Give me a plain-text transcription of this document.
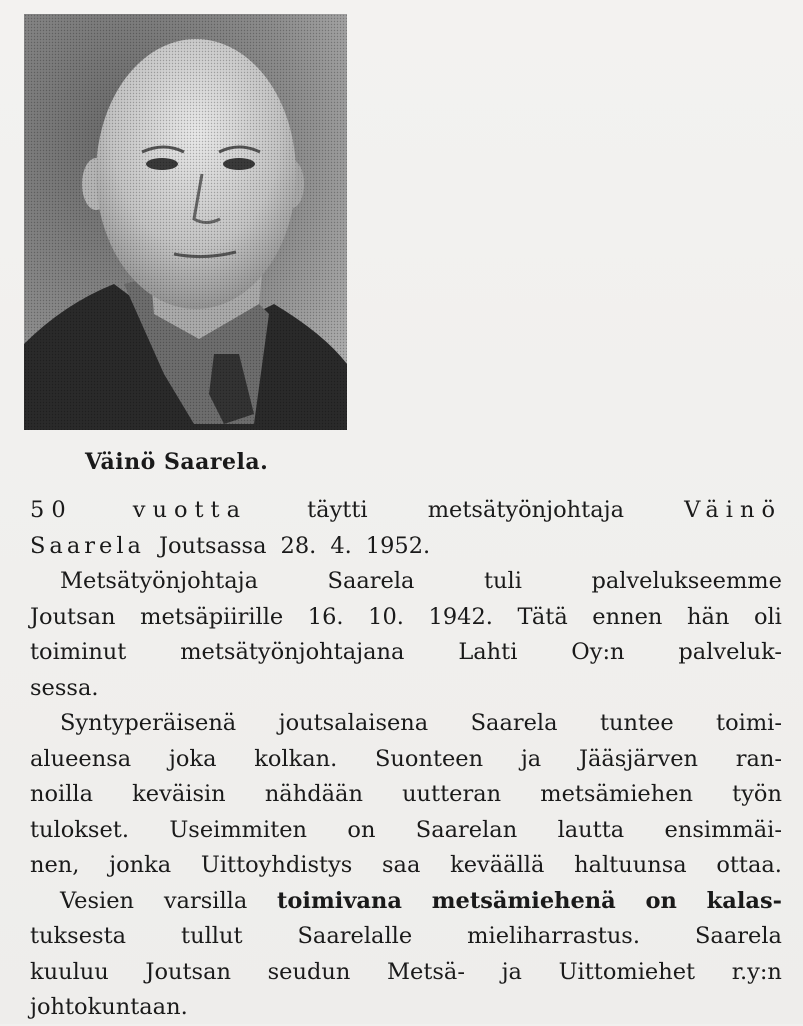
Väinö Saarela.
50	vuotta	täytti	metsätyönjohtaja	Väinö
Saarela Joutsassa 28. 4. 1952.
Metsätyönjohtaja	Saarela	tuli	palvelukseemme
Joutsan metsäpiirille 16. 10. 1942. Tätä ennen hän oli
toiminut metsätyönjohtajana Lahti Oy:n palveluk-
sessa.
Syntyperäisenä joutsalaisena Saarela tuntee toimi-
alueensa joka kolkan. Suonteen ja Jääsjärven ran-
noilla keväisin nähdään uutteran metsämiehen työn
tulokset. Useimmiten on Saarelan lautta ensimmäi-
nen, jonka Uittoyhdistys saa keväällä haltuunsa ottaa.
Vesien varsilla toimivana metsämiehenä on kalas-
tuksesta tullut Saarelalle mieliharrastus. Saarela
kuuluu Joutsan seudun Metsä- ja Uittomiehet r.y:n
johtokuntaan.
